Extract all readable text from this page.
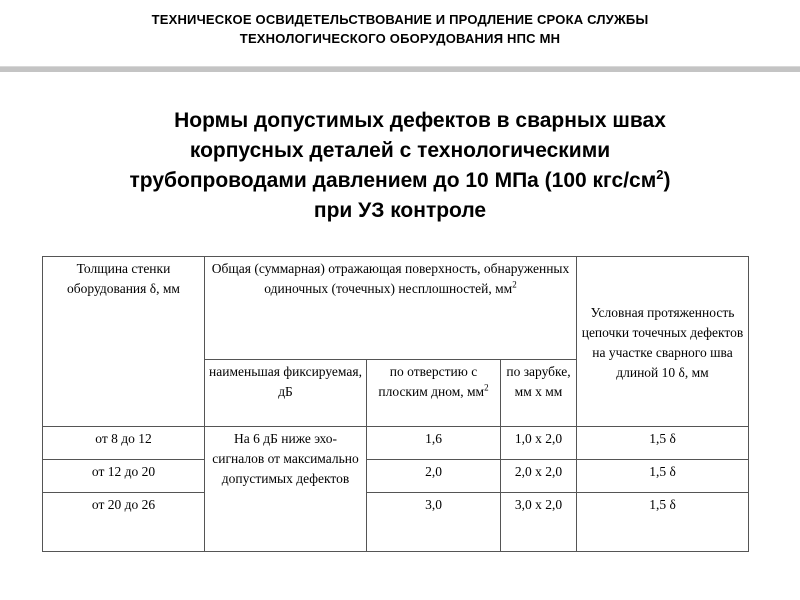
ТЕХНИЧЕСКОЕ ОСВИДЕТЕЛЬСТВОВАНИЕ И ПРОДЛЕНИЕ СРОКА СЛУЖБЫ
ТЕХНОЛОГИЧЕСКОГО ОБОРУДОВАНИЯ НПС МН
Нормы допустимых дефектов в сварных швах
корпусных деталей с технологическими
трубопроводами давлением до 10 МПа (100 кгс/$см^2$)
при УЗ контроле
Толщина стенки оборудования δ, мм	Общая (суммарная) отражающая поверхность, обнаруженных одиночных (точечных) несплошностей, $мм^2$			Условная протяженность цепочки точечных дефектов на участке сварного шва длиной 10 δ, мм
	наименьшая фиксируемая, дБ	по отверстию с плоским дном, $мм^2$	по зарубке, мм х мм	
от 8 до 12	На 6 дБ ниже эхо-сигналов от максимально допустимых дефектов	1,6	1,0 х 2,0	1,5 δ
от 12 до 20		2,0	2,0 х 2,0	1,5 δ
от 20 до 26		3,0	3,0 х 2,0	1,5 δ
